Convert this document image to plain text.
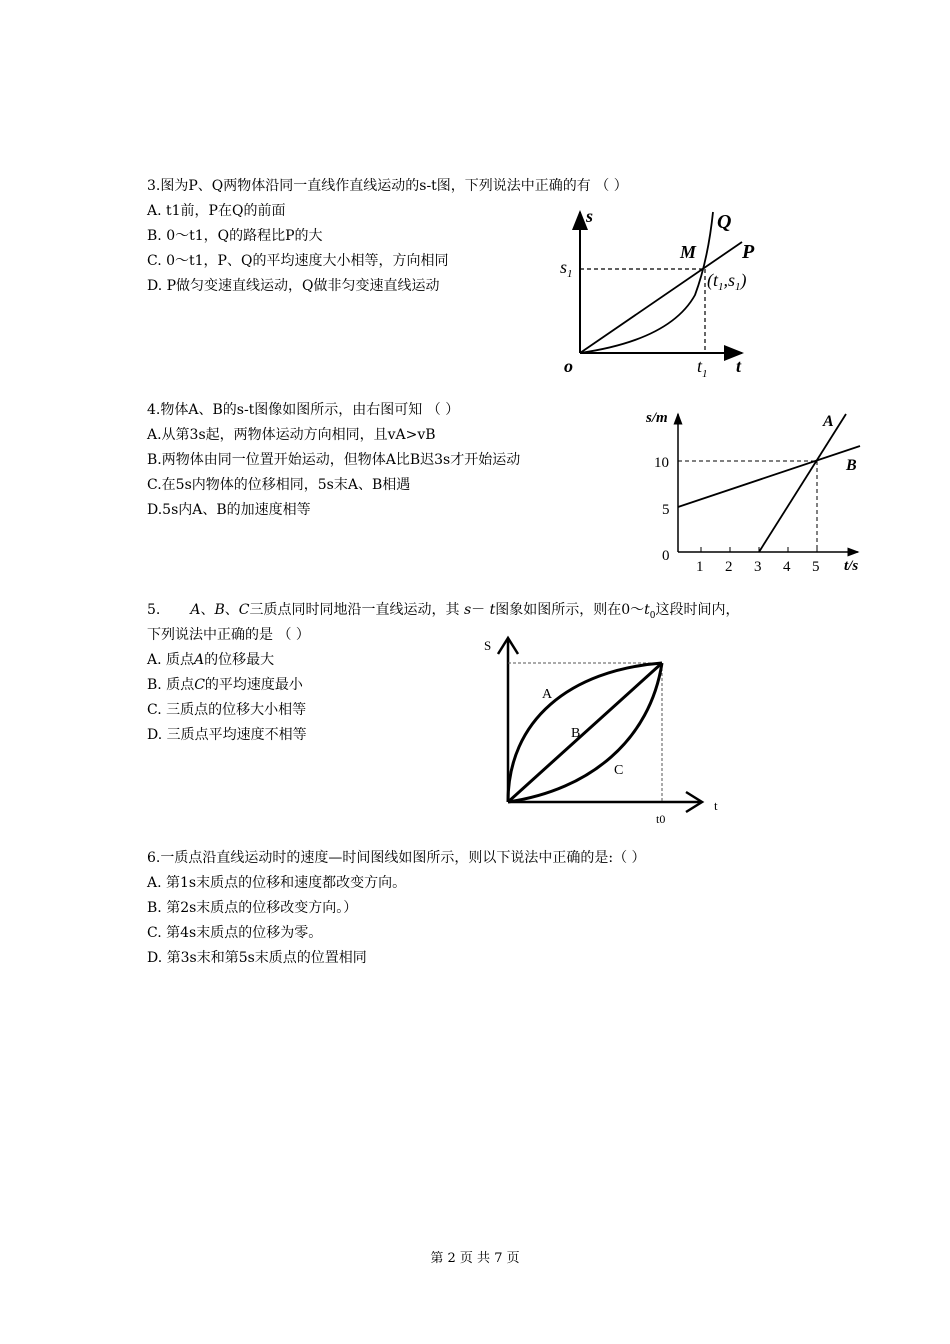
3.图为P、Q两物体沿同一直线作直线运动的s-t图，下列说法中正确的有 （ ）
A. t1前，P在Q的前面
B. 0～t1，Q的路程比P的大
C. 0～t1，P、Q的平均速度大小相等，方向相同
D. P做匀变速直线运动，Q做非匀变速直线运动
s
t
o
$s_1$
$t_1$
M
$(t_1,s_1)$
Q
P
4.物体A、B的s-t图像如图所示，由右图可知 （ ）
A.从第3s起，两物体运动方向相同，且vA>vB
B.两物体由同一位置开始运动，但物体A比B迟3s才开始运动
C.在5s内物体的位移相同，5s末A、B相遇
D.5s内A、B的加速度相等
s/m
t/s
0
5
10
1 2 3 4 5
A
B
5. A、B、C三质点同时同地沿一直线运动，其 s－ t图象如图所示，则在$0\sim t_0$这段时间内，
下列说法中正确的是 （ ）
A. 质点A的位移最大
B. 质点C的平均速度最小
C. 三质点的位移大小相等
D. 三质点平均速度不相等
S
t
t0
A
B
C
6.一质点沿直线运动时的速度—时间图线如图所示，则以下说法中正确的是:（ ）
A. 第1s末质点的位移和速度都改变方向。
B. 第2s末质点的位移改变方向。）
C. 第4s末质点的位移为零。
D. 第3s末和第5s末质点的位置相同
第 2 页 共 7 页
